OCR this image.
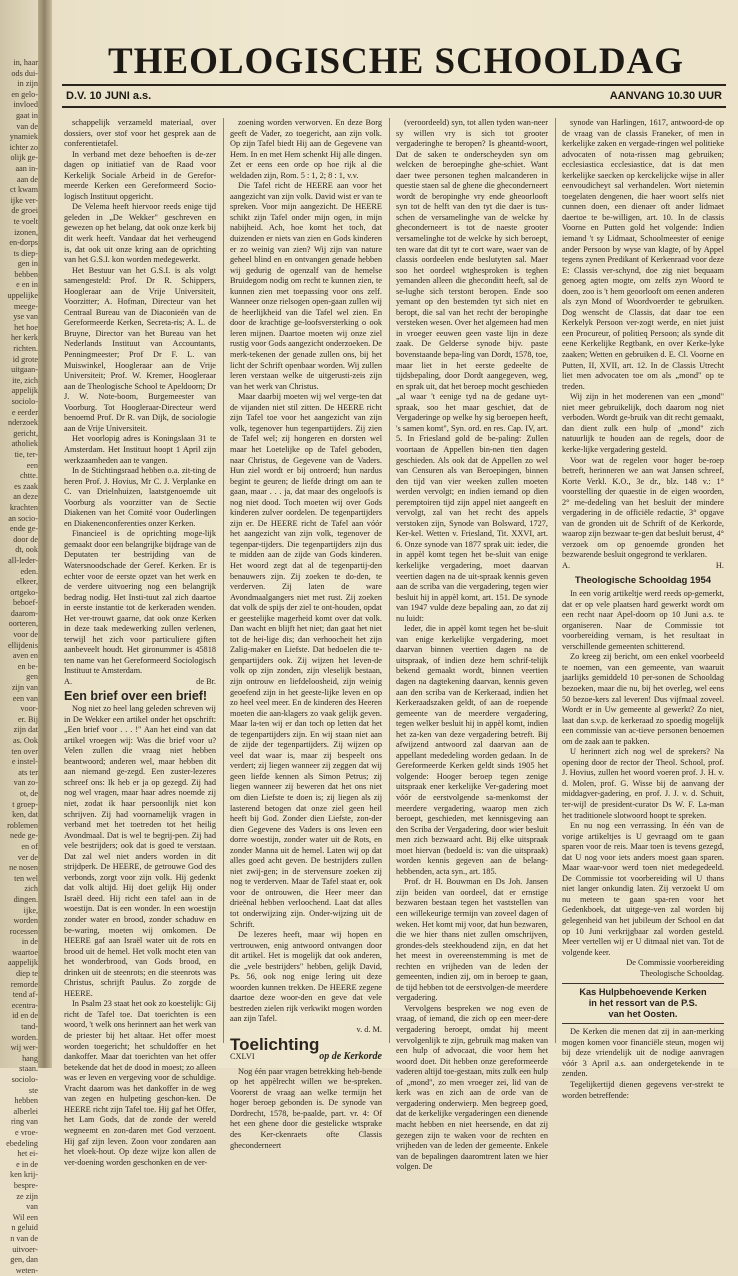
in, haar
ods dui-
in zijn
en gelo-
invloed
gaat in
van de
ynamiek
ichter zo
olijk ge-
aan in-
aan de
ct kwam
ijke ver-
de groei
te voelt
izonen,
en-dorps
ts diep-
gen in
bebben
e en in
uppelijke
meege-
yse van
het hoe
her kerk
richten.
id grote
uitgaan-
ite, zich
appelijk
sociolo-
e eerder
nderzoek
gericht,
atholiek
tie, ter-
een
chtte.
es zaak
an deze
krachten
an socio-
ende ge-
door de
dt, ook
all-leder-
eden.
elkeer,
ortgeko-
beboef-
daarom-
oorteren,
voor de
ellijdenis
aven en
en be-
gen
zijn van
een van
voor-
er. Bij
zijn dat
as. Ook
ten over
e instel-
ats ter
van zo-
ot, de
t groep-
ken, dat
roblemen
nede ge-
en of
ver de
ne nosen
ten wel
zich
dingen.
ijke,
worden
rocessen
in de
waartoe
aappelijk
diep te
remorde
tend af-
ecentra-
id en de
tand-
worden.
wij wer-
hang
staan.
sociolo-
ste
hebben
alberlei
ring van
e vroe-
ebedeling
het ei-
e in de
ken krij-
bespre-
ze zijn
van
Wil een
n geluid
n van de
uitvoer-
gen, dan
weten-
THEOLOGISCHE SCHOOLDAG
D.V. 10 JUNI a.s.	AANVANG 10.30 UUR

schappelijk verzameld materiaal, over dossiers, over stof voor het gesprek aan de conferentietafel.

In verband met deze behoeften is de-zer dagen op initiatief van de Raad voor Kerkelijk Sociale Arbeid in de Gerefor-meerde Kerken een Gereformeerd Socio-logisch Instituut opgericht.

De Velema heeft hiervoor reeds enige tijd geleden in „De Wekker" geschreven en gewezen op het belang, dat ook onze kerk bij dit werk heeft. Vandaar dat het verheugend is, dat ook uit onze kring aan de oprichting van het G.S.I. kon worden medegewerkt.

Het Bestuur van het G.S.I. is als volgt samengesteld: Prof. Dr R. Schippers, Hoogleraar aan de Vrije Universiteit, Voorzitter; A. Hofman, Directeur van het Centraal Bureau van de Diaconieën van de Gereformeerde Kerken, Secreta-ris; A. L. de Bruyne, Director van het Bureau van het Nederlands Instituut van Accountants, Penningmeester; Prof Dr F. L. van Muiswinkel, Hoogleraar aan de Vrije Universiteit; Prof. W. Kremer, Hoogleraar aan de Theologische School te Apeldoorn; Dr J. W. Note-boom, Burgemeester van Voorburg. Tot Hoogleraar-Directeur werd benoemd Prof. Dr R. van Dijk, de sociologie aan de Vrije Universiteit.

Het voorlopig adres is Koningslaan 31 te Amsterdam. Het Instituut hoopt 1 April zijn werkzaamheden aan te vangen.

In de Stichtingsraad hebben o.a. zit-ting de heren Prof. J. Hovius, Mr C. J. Verplanke en C. van Drielnhuizen, laatstgenoemde uit Voorburg als voorzitter van de Sectie Diakenen van het Comité voor Ouderlingen en Diakenenconferenties onzer Kerken.

Financieel is de oprichting moge-lijk gemaakt door een belangrijke bijdrage van de Deputaten ter bestrijding van de Watersnoodschade der Geref. Kerken. Er is echter voor de eerste opzet van het werk en de verdere uitvoering nog een belangrijk bedrag nodig. Het Insti-tuut zal zich daartoe in eerste instantie tot de kerkeraden wenden. Het ver-trouwt gaarne, dat ook onze Kerken in deze taak medewerking zullen verlenen, terwijl het zich voor particuliere giften aanbeveelt houdt. Het gironummer is 45818 ten name van het Gereformeerd Sociologisch Instituut te Amsterdam.

A.	de Br.
Een brief over een brief!

Nog niet zo heel lang geleden schreven wij in De Wekker een artikel onder het opschrift: „Een brief voor . . . !" Aan het eind van dat artikel vroegen wij: Was die brief voor u? Velen zullen die vraag niet hebben beantwoord; anderen wel, maar hebben dit aan niemand ge-zegd. Een zuster-lezeres schreef ons: Ik heb er ja op gezegd. Zij had nog wel vragen, maar haar adres noemde zij niet, zodat ik haar persoonlijk niet kon schrijven. Zij had voornamelijk vragen in verband met het toetreden tot het heilig Avondmaal. Dat is wel te begrij-pen. Zij had vele bestrijders; ook dat is goed te verstaan. Dat zal wel niet anders worden in dit strijdperk. De HEERE, de getrouwe God des verbonds, zorgt voor zijn volk. Hij gedenkt dat volk altijd. Hij doet gelijk Hij onder Israël deed. Hij richt een tafel aan in de woestijn. Dat is een wonder. In een woestijn zonder water en brood, zonder schaduw en be-waring, moeten wij omkomen. De HEERE gaf aan Israël water uit de rots en brood uit de hemel. Het volk mocht eten van het wonderbrood, van Gods brood, en drinken uit de steenrots; en die steenrots was Christus, schrijft Paulus. Zo zorgde de HEERE.

In Psalm 23 staat het ook zo koestelijk: Gij richt de Tafel toe. Dat toerichten is een woord, 't welk ons herinnert aan het werk van de priester bij het altaar. Het offer moest worden toegericht; het schuldoffer en het dankoffer. Maar dat toerichten van het offer betekende dat het de dood in moest; zo alleen was er leven en vergeving voor de schuldige. Vracht daarom was het dankoffer in de weg van zegen en hulpeting geschon-ken. De HEERE richt zijn Tafel toe. Hij gaf het Offer, het Lam Gods, dat de zonde der wereld wegneemt en zon-daren met God verzoent. Hij gaf zijn leven. Zoon voor zondaren aan het vloek-hout. Op deze wijze kon allen de ver-doening worden geschonken en de ver-

zoening worden verworven. En deze Borg geeft de Vader, zo toegericht, aan zijn volk. Op zijn Tafel biedt Hij aan de Gegevene van Hem. In en met Hem schenkt Hij alle dingen. Zet er eens een orde op hoe rijk al die weldaden zijn, Rom. 5 : 1, 2; 8 : 1, v.v.

Die Tafel richt de HEERE aan voor het aangezicht van zijn volk. David wist er van te spreken. Voor mijn aangezicht. De HEERE schikt zijn Tafel onder mijn ogen, in mijn nabijheid. Ach, hoe komt het toch, dat duizenden er niets van zien en Gods kinderen er zo weinig van zien? Wij zijn van nature geheel blind en en ontvangen genade hebben wij gedurig de ogenzalf van de hemelse Bruidegom nodig om recht te kunnen zien, te kunnen zien met toepassing voor ons zelf. Wanneer onze rielsogen open-gaan zullen wij de heerlijkheid van die Tafel wel zien. En door de krachtige ge-loofsversterking o ook leren mijnen. Daartoe moeten wij onze ziel rustig voor Gods aangezicht onderzoeken. De merk-tekenen der genade zullen ons, bij het licht der Schrift openbaar worden. Wij zullen leren verstaan welke de uitgerusti-zeis zijn van het werk van Christus.

Maar daarbij moeten wij wel verge-ten dat de vijanden niet stil zitten. De HEERE richt zijn Tafel toe voor het aangezicht van zijn volk, tegenover hun tegenpartijders. Zij zien de Tafel wel; zij hongeren en dorsten wel maar het Loetelijke op de Tafel geboden, naar Christus, de Gegevene van de Vaders. Hun ziel wordt er bij ontroerd; hun nardus begint te geuren; de liefde dringt om aan te gaan, maar . . . ja, dat maar des ongeloofs is nog niet dood. Toch moeten wij over Gods kinderen zulver oordelen. De tegenpartijders zijn er. De HEERE richt de Tafel aan vóór het aangezicht van zijn volk, tegenover de tegenpar-tijders. Die tegenpartijders zijn dus te midden aan de zijde van Gods kinderen. Het woord zegt dat al de tegenpartij-den benauwers zijn. Zij zoeken te do-den, te verderven. Zij laten de ware Avondmaalgangers niet met rust. Zij zoeken dat volk de spijs der ziel te ont-houden, opdat er geestelijke magerheid komt over dat volk. Dan wacht en blijft het niet; dan gaat het niet tot de hei-lige dis; dan verhoocheit het zijn Zalig-maker en Liefste. Dat bedoelen die te-genpartijders ook. Zij wijzen het leven-de volk op zijn zonden, zijn vleselijk bestaan, zijn ontrouw en liefdeloosheid, zijn weinig geoefend zijn in het geeste-lijke leven en op zo heel veel meer. En de kinderen des Heeren moeten die aan-klagers zo vaak gelijk geven. Maar la-ten wij er dan toch op letten dat het de tegenpartijders zijn. En wij staan niet aan de zijde der tegenpartijders. Zij wijzen op veel dat waar is, maar zij bespeelt ons verdert; zij liegen wanneer zij zeggen dat wij geen liefde kennen als Simon Petrus; zij liegen wanneer zij beweren dat het ons niet om dien Liefste te doen is; zij liegen als zij lasterend betogen dat onze ziel geen heil heeft bij God. Zonder dien Liefste, zon-der dien Gegevene des Vaders is ons leven een dorre woestijn, zonder water uit de Rots, en zonder Manna uit de hemel. Laten wij op dat alles goed acht geven. De bestrijders zullen niet zwij-gen; in de stervensure zoeken zij nog te verderven. Maar de Tafel staat er, ook voor de ontrouwen, die Heer meer dan drieënal hebben verloochend. Laat dat alles tot onderwijzing zijn. Onder-wijzing uit de Schrift.

De lezeres heeft, maar wij hopen en vertrouwen, enig antwoord ontvangen door dit artikel. Het is mogelijk dat ook anderen, die „vele bestrijders" hebben, gelijk David, Ps. 56, ook nog enige lering uit deze woorden kunnen trekken. De HEERE zegene daartoe deze woor-den en geve dat vele bestreden zielen rijk verkwikt mogen worden aan zijn Tafel.

v. d. M.

Toelichting
CXLVI	op de Kerkorde

Nog één paar vragen betrekking heb-bende op het appèlrecht willen we be-spreken. Voorerst de vraag aan welke termijn het hoger beroep gebonden is. De synode van Dordrecht, 1578, be-paalde, part. vr. 4: Of het een ghene door die gestelicke wtsprake des Ker-ckenraets ofte Classis gheconderneert

(veroordeeld) syn, tot allen tyden wan-neer sy willen vry is sich tot grooter vergaderinghe te beropen? Is gheantd-woort, Dat de saken te onderscheyden syn om welcken de beroepinghe ghe-schiet. Want daer twee personen teghen malcanderen in questie staen sal de ghene die gheconderneert wordt de beropinghe vry ende gheoorlooft syn tot de helft van den tyt die daer is tus-schen de versamelinghe van de welcke hy gheconderneert is tot de naeste grooter versamelinghe tot de welcke hy sich beroept, ten ware dat dit tyt te cort ware, waer van de classis oordeelen ende beslutyten sal. Maer soo het oordeel wtghesproken is teghen yemanden alleen die gheconditt heeft, sal de se-lughe sich terstont beropen. Ende soo yemant op den bestemden tyt sich niet en beropt, die sal van het recht der beropinghe versteken wesen. Over het algemeen had men in vroeger eeuwen geen vaste lijn in deze zaak. De Gelderse synode bijv. paste bovenstaande bepa-ling van Dordt, 1578, toe, maar liet in het eerste gedeelte de tijdsbepaling, door Dordt aangegeven, weg, en sprak uit, dat het beroep mocht geschieden „al waar 't eenige tyd na de gedane uyt-spraak, soo het maar geschiet, dat de Vergaderinge op welke hy sig beroepen heeft, 's samen komt", Syn. ord. en res. Cap. IV, art. 5. In Friesland gold de be-paling: Zullen voortaan de Appellen bin-nen tien dagen geschieden. Als ook dat de Appellen zo wel van Censuren als van Beroepingen, binnen den tijd van vier weeken zullen moeten werden vervolgt; en indien iemand op dien peremptoiren tijd zijn appel niet aangeeft en vervolgt, zal van het recht des appels verstoken zijn, Synode van Bolsward, 1727, Ker-kel. Wetten v. Friesland, Tit. XXVI, art. 6. Onze synode van 1877 sprak uit: ieder, die in appèl komt tegen het be-sluit van enige kerkelijke vergadering, moet daarvan veertien dagen na de uit-spraak kennis geven aan de scriba van die vergadering, tegen wier besluit hij in appèl komt, art. 151. De synode van 1947 vulde deze bepaling aan, zo dat zij nu luidt:

Ieder, die in appèl komt tegen het be-sluit van enige kerkelijke vergadering, moet daarvan binnen veertien dagen na de uitspraak, of indien deze hem schrif-telijk bekend gemaakt wordt, binnen veertien dagen na dagtekening daarvan, kennis geven aan den scriba van de Kerkeraad, indien het Kerkeraadszaken geldt, of aan de roepende gemeente van de meerdere vergadering, tegen welker besluit hij in appèl komt, indien het za-ken van deze vergadering betreft. Bij afwijzend antwoord zal daarvan aan de appellant mededeling worden gedaan. In de Gereformeerde Kerken geldt sinds 1905 het volgende: Hooger beroep tegen zenige uitspraak ener kerkelijke Ver-gadering moet vóór de eerstvolgende sa-menkomst der meerdere vergadering, waarop men zich beroept, geschieden, met kennisgeving aan den Scriba der Vergadering, door wier besluit men zich bezwaard acht. Bij elke uitspraak moet hiervan (bedoeld is: van die uitspraak) worden kennis gegeven aan de belang-hebbenden, acta syn., art. 185.

Prof. dr H. Bouwman en Ds Joh. Jansen zijn beiden van oordeel, dat er ernstige bezwaren bestaan tegen het vaststellen van een willekeurige termijn van zoveel dagen of weken. Het komt mij voor, dat hun bezwaren, die we hier thans niet zullen omschrijven, grondes-dels steekhoudend zijn, en dat het het meest in overeenstemming is met de rechten en vrijheden van de leden der gemeenten, indien zij, om in beroep te gaan, de tijd hebben tot de eerstvolgen-de meerdere vergadering.

Vervolgens bespreken we nog even de vraag, of iemand, die zich op een meer-dere vergadering beroept, omdat hij meent vervolgenlijk te zijn, gebruik mag maken van een hulp of advocaat, die voor hem het woord doet. Dit hebben onze gereformeerde vaderen altijd toe-gestaan, mits zulk een hulp of „mond", zo men vroeger zei, lid van de kerk was en zich aan de orde van de vergadering onderwierp. Men begreep goed, dat de kerkelijke vergaderingen een dienende macht hebben en niet heersende, en dat zij gezegen zijn te waken voor de rechten en vrijheden van de leden der gemeente. Enkele van de bepalingen daaromtrent laten we hier volgen. De

synode van Harlingen, 1617, antwoord-de op de vraag van de classis Franeker, of men in kerkelijke zaken en vergade-ringen wel politieke advocaten of nota-rissen mag gebruiken; ecclesiastica ecclesiastice, dat is dat men kerkelijke saecken op kerckelijcke wijse in aller eenvoudicheyt sal verhandelen. Wort nietemin toegelaten dengenen, die haer woort selfs niet cunnen doen, een dienaer oft ander lidmaet daertoe te be-willigen, art. 10. In de classis Voorne en Putten gold het volgende: Indien iemand 't sy Lidmaat, Schoolmeester of eenige ander Persoon by wyse van klagte, of by Appel tegens zynen Predikant of Kerkenraad voor deze E: Classis ver-schynd, doe zig niet bequaam genoeg agten mogte, om zelfs zyn Woord te doen, zoo is 't hem geoorlooft om eenen anderen als zyn Mond of Woordvoerder te gebruiken. Dog wenscht de Classis, dat daar toe een Kerkelyk Persoon ver-zogt werde, en niet juist een Procureur, of politieq Persoon; als synde dit eene Kerkelijke Regtbank, en over Kerke-lyke zaaken; Wetten en gebruiken d. E. Cl. Voorne en Putten, II, XVII, art. 12. In de Classis Utrecht liet men advocaten toe om als „mond" op te treden.

Wij zijn in het moderenen van een „mond" niet meer gebruikelijk, doch daarom nog niet verboden. Wordt ge-bruik van dit recht gemaakt, dan dient zulk een hulp of „mond" zich natuurlijk te houden aan de regels, door de kerke-lijke vergadering gesteld.

Voor wat de regelen voor hoger be-roep betreft, herinneren we aan wat Jansen schreef, Korte Verkl. K.O., 3e dr., blz. 148 v.: 1° voorstelling der quaestie in de eigen woorden, 2° me-dedeling van het besluit der mindere vergadering in de officiële redactie, 3° opgave van de gronden uit de Schrift of de Kerkorde, waarop zijn bezwaar te-gen dat besluit berust, 4° verzoek om op genoemde gronden het bezwarende besluit ongegrond te verklaren.

A.	H.
Theologische Schooldag 1954

In een vorig artikeltje werd reeds op-gemerkt, dat er op vele plaatsen hard gewerkt wordt om een recht naar Apel-doorn op 10 Juni a.s. te organiseren. Naar de Commissie tot voorbereiding vernam, is het resultaat in verschillende gemeenten schitterend.

Zo kreeg zij bericht, om een enkel voorbeeld te noemen, van een gemeente, van waaruit jaarlijks gemiddeld 10 per-sonen de Schooldag bezoeken, maar die nu, bij het overleg, wel eens 50 bezoe-kers zal leveren! Dus vijfmaal zoveel. Wordt er in Uw gemeente al gewerkt? Zo niet, laat dan s.v.p. de kerkeraad zo spoedig mogelijk een commissie van ac-tieve personen benoemen om de zaak aan te pakken.

U herinnert zich nog wel de sprekers? Na opening door de rector der Theol. School, prof. J. Hovius, zullen het woord voeren prof. J. H. v. d. Molen, prof. G. Wisse bij de aanvang der middagver-gadering, en prof. J. J. v. d. Schuit, ter-wijl de president-curator Ds W. F. La-man het traditionele slotwoord hoopt te spreken.

En nu nog een verrassing. In één van de vorige artikeltjes is U gevraagd om te gaan sparen voor de reis. Maar toen is tevens gezegd, dat U nog voor iets anders moest gaan sparen. Maar waar-voor werd toen niet medegedeeld. De Commissie tot voorbereiding wil U thans niet langer onkundig laten. Zij verzoekt U om nu meteen te gaan spa-ren voor het Gedenkboek, dat uitgege-ven zal worden bij gelegenheid van het jubileum der School en dat op 10 Juni verkrijgbaar zal worden gesteld. Meer vertellen wij er U ditmaal niet van. Tot de volgende keer.

De Commissie voorbereiding

Theologische Schooldag.

Kas Hulpbehoevende Kerken
in het ressort van de P.S.
van het Oosten.

De Kerken die menen dat zij in aan-merking mogen komen voor financiële steun, mogen wij bij deze vriendelijk uit de nodige aanvragen vóór 3 April a.s. aan ondergetekende in te zenden.

Tegelijkertijd dienen gegevens ver-strekt te worden betreffende:
